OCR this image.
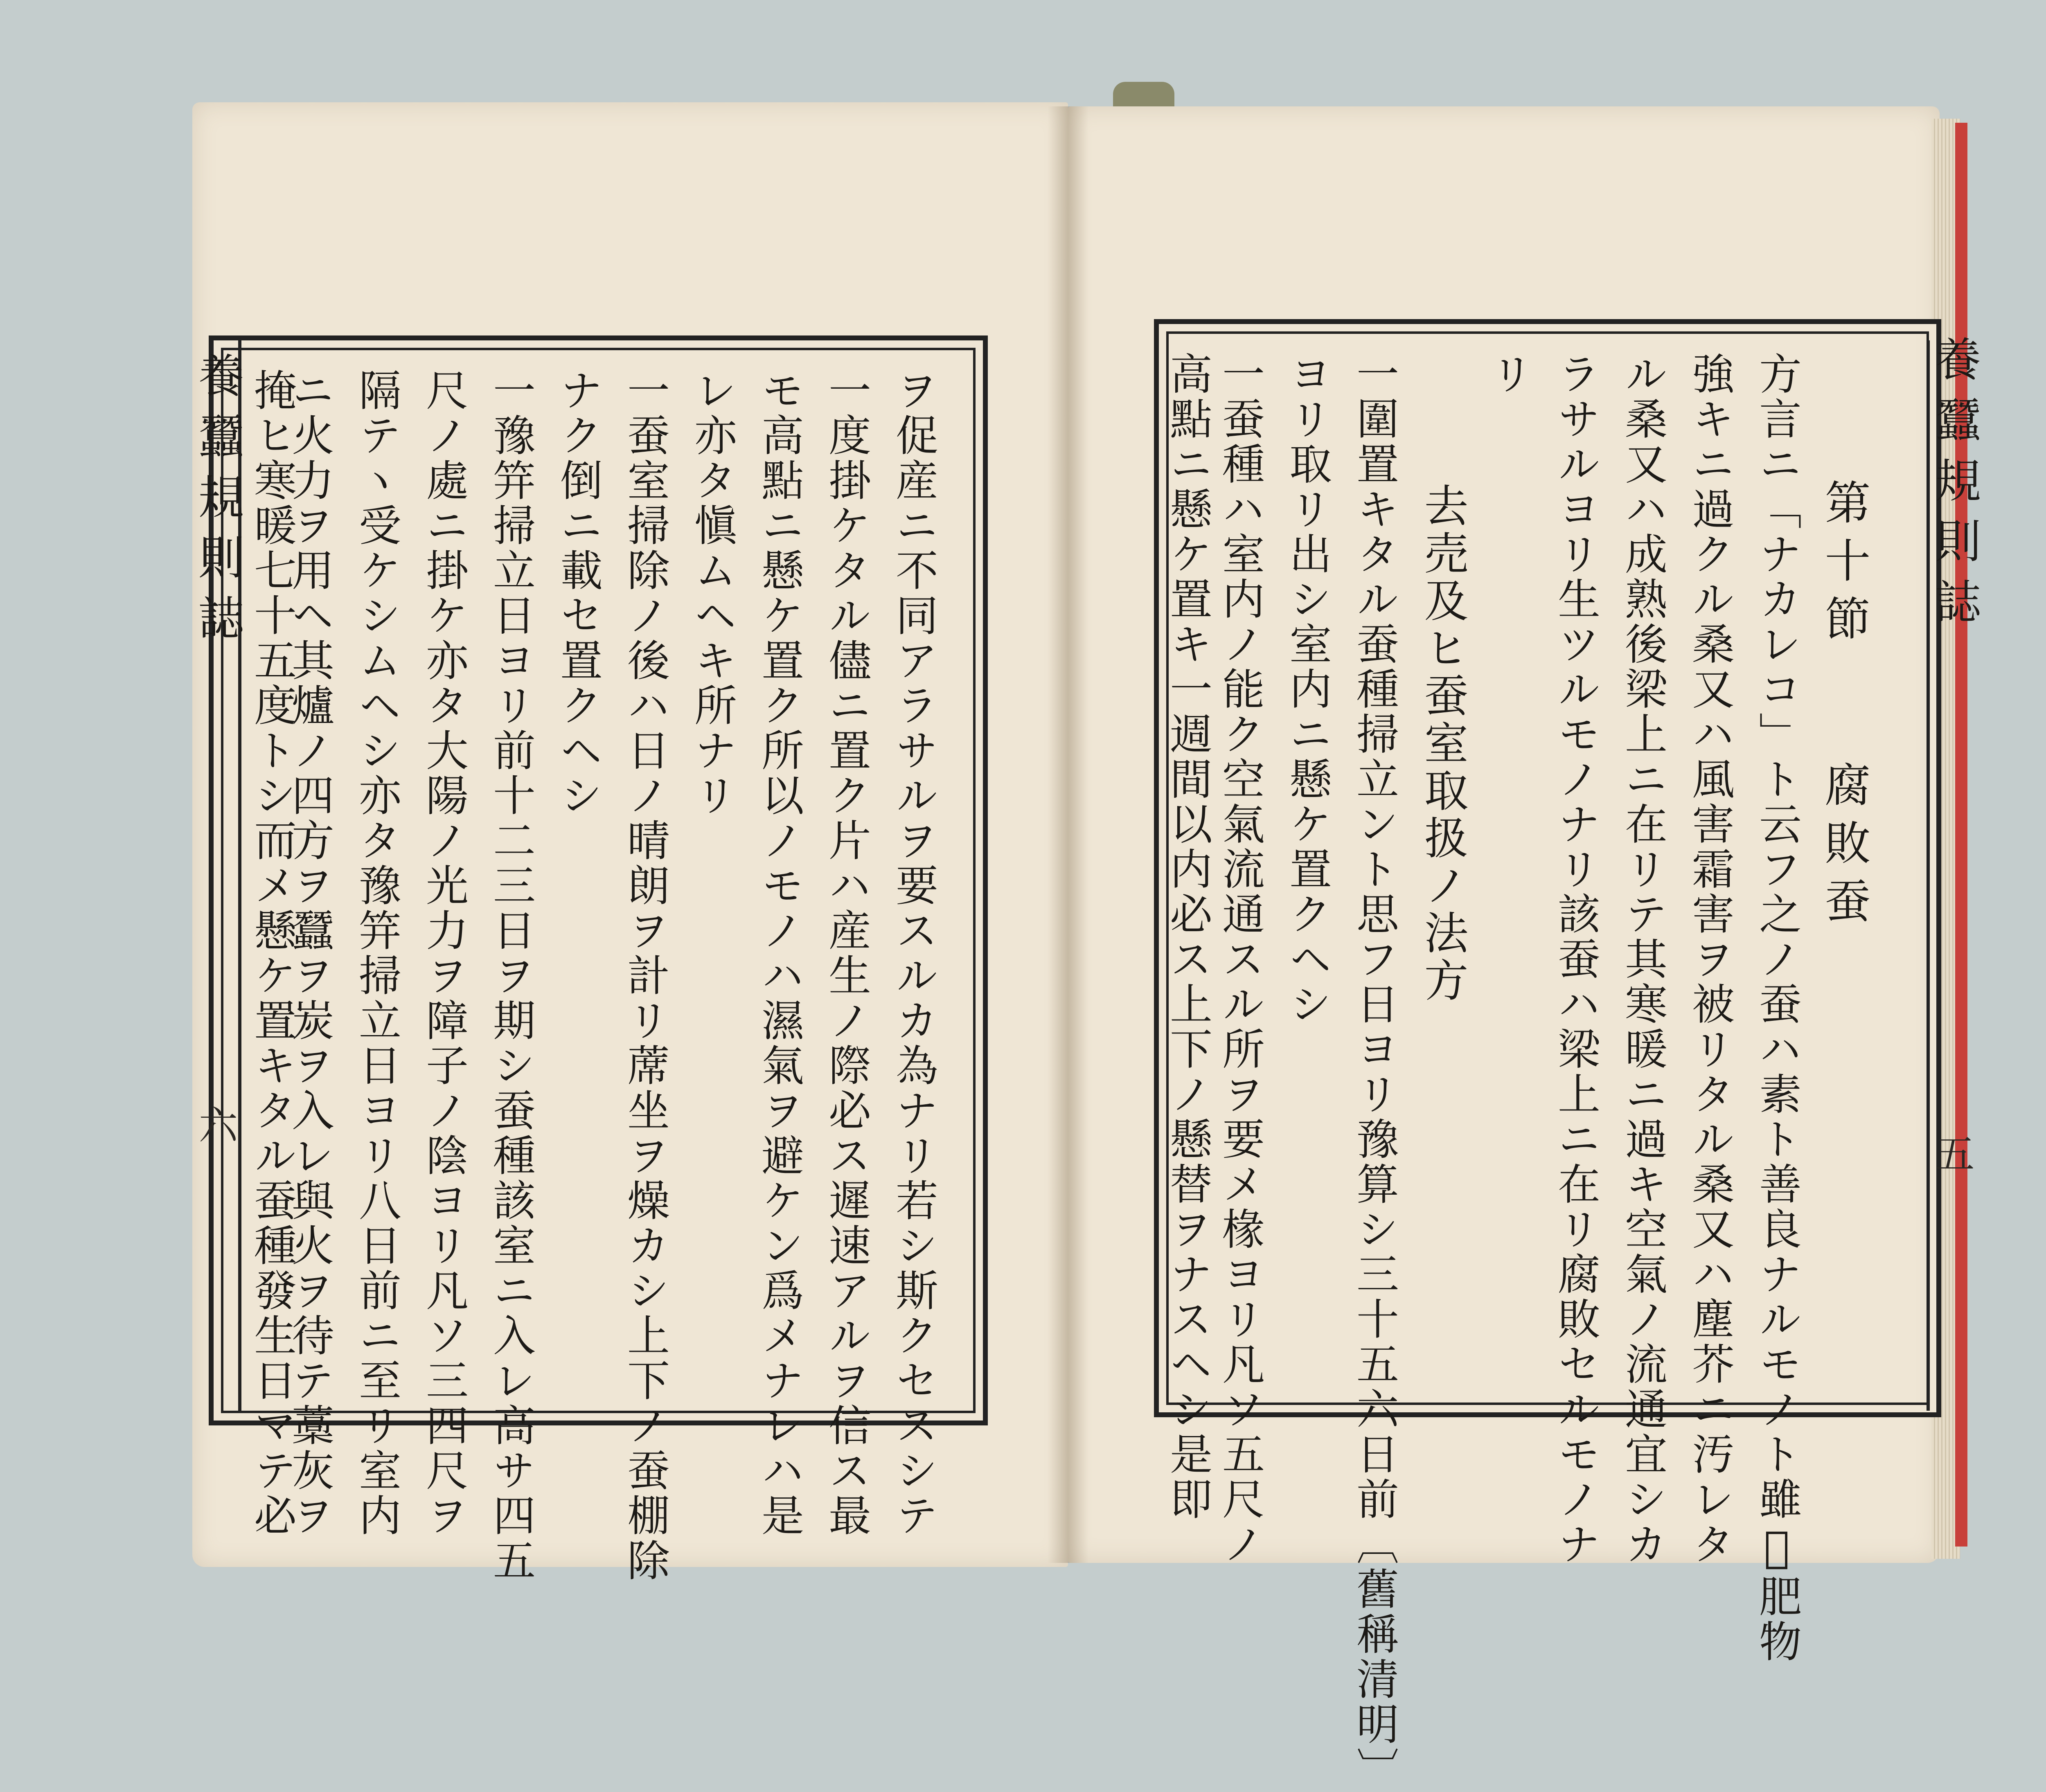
養蠶規則誌
六	ヲ促産ニ不同アラサルヲ要スルカ為ナリ若シ斯クセスシテ
一度掛ケタル儘ニ置ク片ハ産生ノ際必ス遲速アルヲ信ス最
モ高點ニ懸ケ置ク所以ノモノハ濕氣ヲ避ケン爲メナレハ是
レ亦タ愼ムヘキ所ナリ
一蚕室掃除ノ後ハ日ノ晴朗ヲ計リ蓆坐ヲ燥カシ上下ノ蚕棚除
ナク倒ニ載セ置クヘシ
一豫笄掃立日ヨリ前十二三日ヲ期シ蚕種該室ニ入レ高サ四五
尺ノ處ニ掛ケ亦タ大陽ノ光力ヲ障子ノ陰ヨリ凡ソ三四尺ヲ
隔テヽ受ケシムヘシ亦タ豫笄掃立日ヨリ八日前ニ至リ室内
ニ火力ヲ用ヘ其爐ノ四方ヲ蠶ヲ炭ヲ入レ與火ヲ待テ藁灰ヲ
掩ヒ寒暖七十五度トシ而メ懸ケ置キタル蚕種發生日マテ必	養蠶規則誌
五
第十節
腐敗蚕
方言ニ「ナカレコ」ト云フ之ノ蚕ハ素ト善良ナルモノト雖𪜈肥物
強キニ過クル桑又ハ風害霜害ヲ被リタル桑又ハ塵芥ニ汚レタ
ル桑又ハ成熟後梁上ニ在リテ其寒暖ニ過キ空氣ノ流通宜シカ
ラサルヨリ生ツルモノナリ該蚕ハ梁上ニ在リ腐敗セルモノナ
リ
去売及ヒ蚕室取扱ノ法方
一圍置キタル蚕種掃立ント思フ日ヨリ豫算シ三十五六日前〔舊稱清明〕
ヨリ取リ出シ室内ニ懸ケ置クヘシ
一蚕種ハ室内ノ能ク空氣流通スル所ヲ要メ椽ヨリ凡ソ五尺ノ
高點ニ懸ケ置キ一週間以内必ス上下ノ懸替ヲナスヘシ是即
